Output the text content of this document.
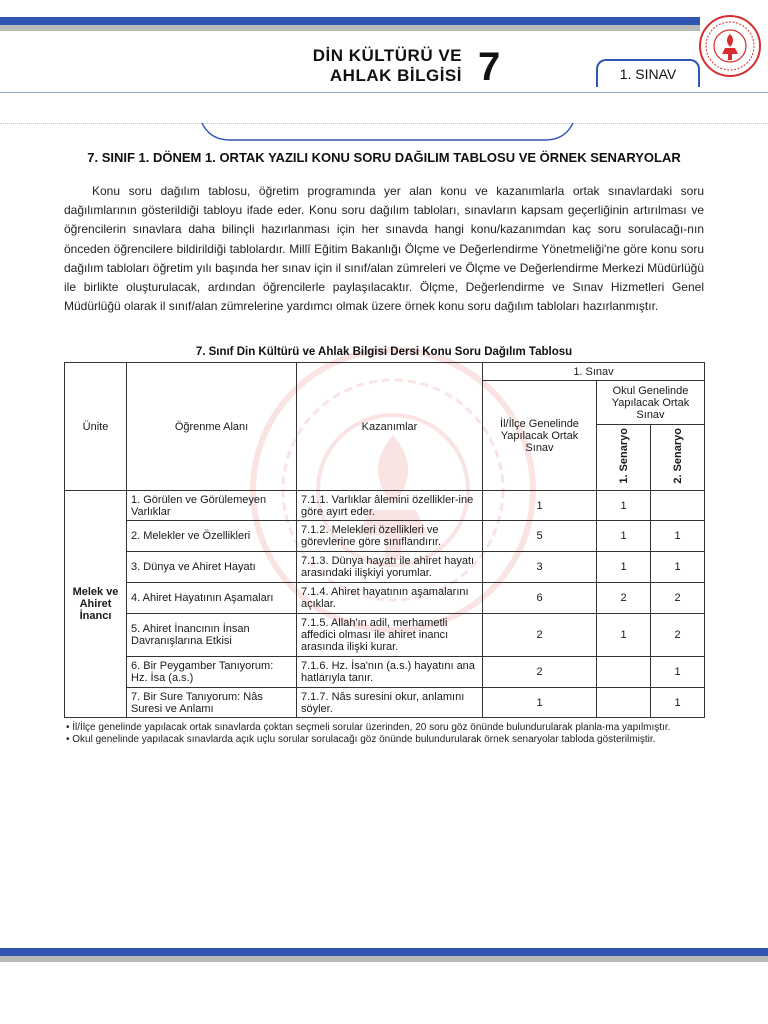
DİN KÜLTÜRÜ VE
AHLAK BİLGİSİ 7	1. SINAV
7. SINIF 1. DÖNEM 1. ORTAK YAZILI KONU SORU DAĞILIM TABLOSU VE ÖRNEK SENARYOLAR
Konu soru dağılım tablosu, öğretim programında yer alan konu ve kazanımlarla ortak sınavlardaki soru dağılımlarının gösterildiği tabloyu ifade eder. Konu soru dağılım tabloları, sınavların kapsam geçerliğinin artırılması ve öğrencilerin sınavlara daha bilinçli hazırlanması için her sınavda hangi konu/kazanımdan kaç soru sorulacağı-nın önceden öğrencilere bildirildiği tablolardır. Millî Eğitim Bakanlığı Ölçme ve Değerlendirme Yönetmeliği'ne göre konu soru dağılım tabloları öğretim yılı başında her sınav için il sınıf/alan zümreleri ve Ölçme ve Değerlendirme Merkezi Müdürlüğü ile birlikte oluşturulacak, ardından öğrencilerle paylaşılacaktır. Ölçme, Değerlendirme ve Sınav Hizmetleri Genel Müdürlüğü olarak il sınıf/alan zümrelerine yardımcı olmak üzere örnek konu soru dağılım tabloları hazırlanmıştır.
7. Sınıf Din Kültürü ve Ahlak Bilgisi Dersi Konu Soru Dağılım Tablosu
Ünite	Öğrenme Alanı	Kazanımlar	1. Sınav		
			İl/İlçe Genelinde Yapılacak Ortak Sınav	Okul Genelinde Yapılacak Ortak Sınav	
				1. Senaryo	2. Senaryo
Melek ve Ahiret İnancı	1. Görülen ve Görülemeyen Varlıklar	7.1.1. Varlıklar âlemini özellikler-ine göre ayırt eder.	1	1	
	2. Melekler ve Özellikleri	7.1.2. Melekleri özellikleri ve görevlerine göre sınıflandırır.	5	1	1
	3. Dünya ve Ahiret Hayatı	7.1.3. Dünya hayatı ile ahiret hayatı arasındaki ilişkiyi yorumlar.	3	1	1
	4. Ahiret Hayatının Aşamaları	7.1.4. Ahiret hayatının aşamalarını açıklar.	6	2	2
	5. Ahiret İnancının İnsan Davranışlarına Etkisi	7.1.5. Allah'ın adil, merhametli affedici olması ile ahiret inancı arasında ilişki kurar.	2	1	2
	6. Bir Peygamber Tanıyorum: Hz. İsa (a.s.)	7.1.6. Hz. İsa'nın (a.s.) hayatını ana hatlarıyla tanır.	2		1
	7. Bir Sure Tanıyorum: Nâs Suresi ve Anlamı	7.1.7. Nâs suresini okur, anlamını söyler.	1		1
• İl/İlçe genelinde yapılacak ortak sınavlarda çoktan seçmeli sorular üzerinden, 20 soru göz önünde bulundurularak planla-ma yapılmıştır.
• Okul genelinde yapılacak sınavlarda açık uçlu sorular sorulacağı göz önünde bulundurularak örnek senaryolar tabloda gösterilmiştir.
